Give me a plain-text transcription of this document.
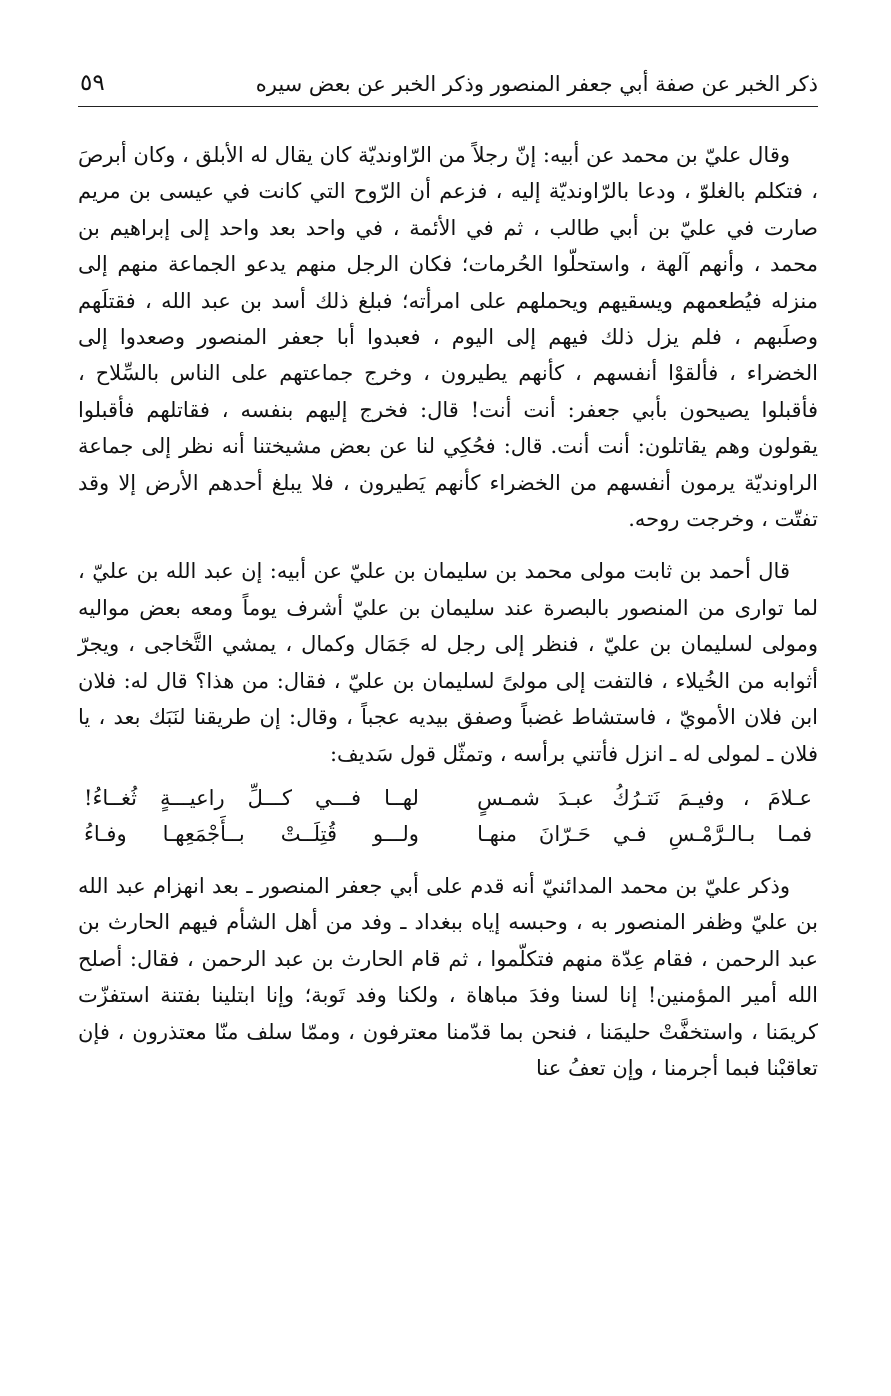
ذكر الخبر عن صفة أبي جعفر المنصور وذكر الخبر عن بعض سيره
٥٩

وقال عليّ بن محمد عن أبيه: إنّ رجلاً من الرّاونديّة كان يقال له الأبلق ، وكان أبرصَ ، فتكلم بالغلوّ ، ودعا بالرّاونديّة إليه ، فزعم أن الرّوح التي كانت في عيسى بن مريم صارت في عليّ بن أبي طالب ، ثم في الأئمة ، في واحد بعد واحد إلى إبراهيم بن محمد ، وأنهم آلهة ، واستحلّوا الحُرمات؛ فكان الرجل منهم يدعو الجماعة منهم إلى منزله فيُطعمهم ويسقيهم ويحملهم على امرأته؛ فبلغ ذلك أسد بن عبد الله ، فقتلَهم وصلَبهم ، فلم يزل ذلك فيهم إلى اليوم ، فعبدوا أبا جعفر المنصور وصعدوا إلى الخضراء ، فألقوْا أنفسهم ، كأنهم يطيرون ، وخرج جماعتهم على الناس بالسِّلاح ، فأقبلوا يصيحون بأبي جعفر: أنت أنت! قال: فخرج إليهم بنفسه ، فقاتلهم فأقبلوا يقولون وهم يقاتلون: أنت أنت. قال: فحُكِي لنا عن بعض مشيختنا أنه نظر إلى جماعة الراونديّة يرمون أنفسهم من الخضراء كأنهم يَطيرون ، فلا يبلغ أحدهم الأرض إلا وقد تفتّت ، وخرجت روحه.

قال أحمد بن ثابت مولى محمد بن سليمان بن عليّ عن أبيه: إن عبد الله بن عليّ ، لما توارى من المنصور بالبصرة عند سليمان بن عليّ أشرف يوماً ومعه بعض مواليه ومولى لسليمان بن عليّ ، فنظر إلى رجل له جَمَال وكمال ، يمشي التَّخاجى ، ويجرّ أثوابه من الخُيلاء ، فالتفت إلى مولىً لسليمان بن عليّ ، فقال: من هذا؟ قال له: فلان ابن فلان الأمويّ ، فاستشاط غضباً وصفق بيديه عجباً ، وقال: إن طريقنا لنَبَك بعد ، يا فلان ـ لمولى له ـ انزل فأتني برأسه ، وتمثّل قول سَديف:

عـلامَ ، وفيـمَ نَتـرُكُ عبـدَ شمـسٍ
لهــا فـــي كـــلِّ راعيـــةٍ ثُغــاءُ!
فمـا بـالـرَّمْـسِ فـي حَـرّانَ منهـا
ولـــو قُتِلَــتْ بــأَجْمَعِهـا وفـاءُ

وذكر عليّ بن محمد المدائنيّ أنه قدم على أبي جعفر المنصور ـ بعد انهزام عبد الله بن عليّ وظفر المنصور به ، وحبسه إياه ببغداد ـ وفد من أهل الشأم فيهم الحارث بن عبد الرحمن ، فقام عِدّة منهم فتكلّموا ، ثم قام الحارث بن عبد الرحمن ، فقال: أصلح الله أمير المؤمنين! إنا لسنا وفدَ مباهاة ، ولكنا وفد تَوبة؛ وإنا ابتلينا بفتنة استفزّت كريمَنا ، واستخفَّتْ حليمَنا ، فنحن بما قدّمنا معترفون ، وممّا سلف منّا معتذرون ، فإن تعاقبْنا فبما أجرمنا ، وإن تعفُ عنا
